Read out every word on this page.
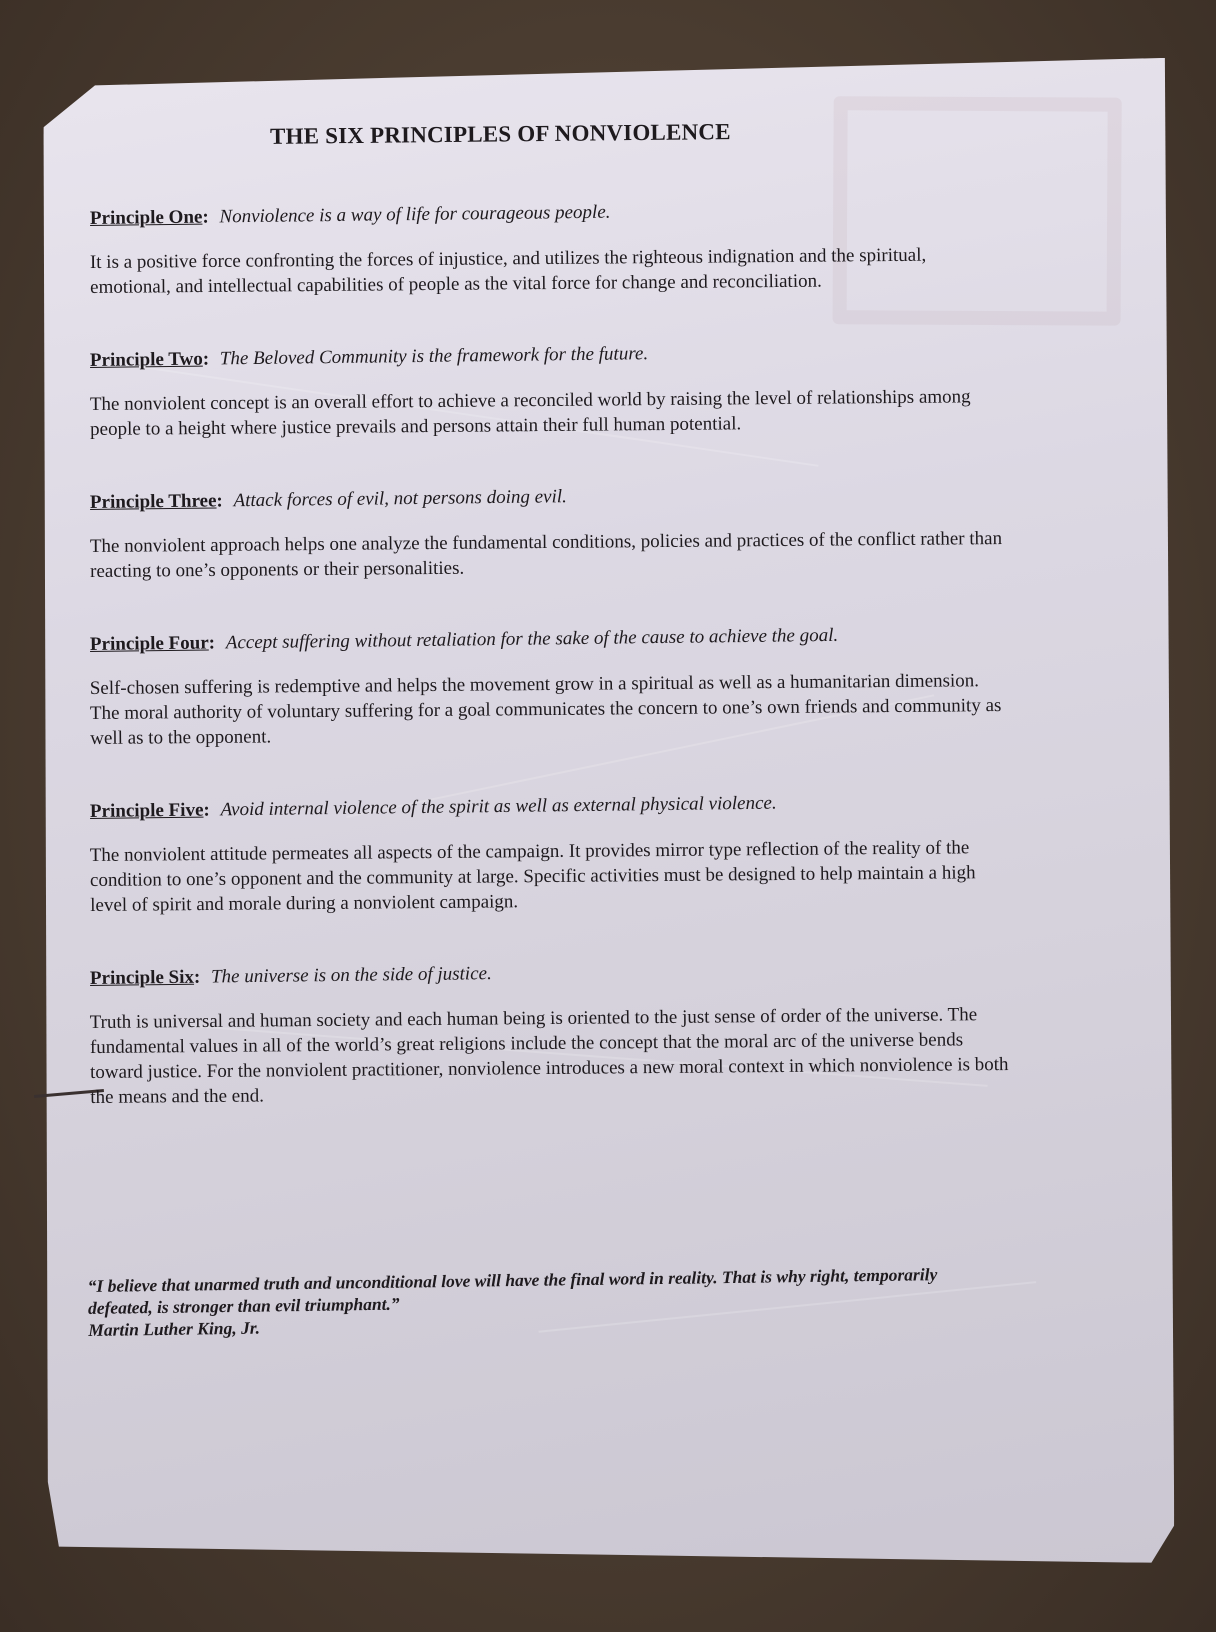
THE SIX PRINCIPLES OF NONVIOLENCE
Principle One: Nonviolence is a way of life for courageous people.
It is a positive force confronting the forces of injustice, and utilizes the righteous indignation and the spiritual, emotional, and intellectual capabilities of people as the vital force for change and reconciliation.
Principle Two: The Beloved Community is the framework for the future.
The nonviolent concept is an overall effort to achieve a reconciled world by raising the level of relationships among people to a height where justice prevails and persons attain their full human potential.
Principle Three: Attack forces of evil, not persons doing evil.
The nonviolent approach helps one analyze the fundamental conditions, policies and practices of the conflict rather than reacting to one’s opponents or their personalities.
Principle Four: Accept suffering without retaliation for the sake of the cause to achieve the goal.
Self-chosen suffering is redemptive and helps the movement grow in a spiritual as well as a humanitarian dimension. The moral authority of voluntary suffering for a goal communicates the concern to one’s own friends and community as well as to the opponent.
Principle Five: Avoid internal violence of the spirit as well as external physical violence.
The nonviolent attitude permeates all aspects of the campaign. It provides mirror type reflection of the reality of the condition to one’s opponent and the community at large. Specific activities must be designed to help maintain a high level of spirit and morale during a nonviolent campaign.
Principle Six: The universe is on the side of justice.
Truth is universal and human society and each human being is oriented to the just sense of order of the universe. The fundamental values in all of the world’s great religions include the concept that the moral arc of the universe bends toward justice. For the nonviolent practitioner, nonviolence introduces a new moral context in which nonviolence is both the means and the end.
“I believe that unarmed truth and unconditional love will have the final word in reality. That is why right, temporarily defeated, is stronger than evil triumphant.”
Martin Luther King, Jr.
